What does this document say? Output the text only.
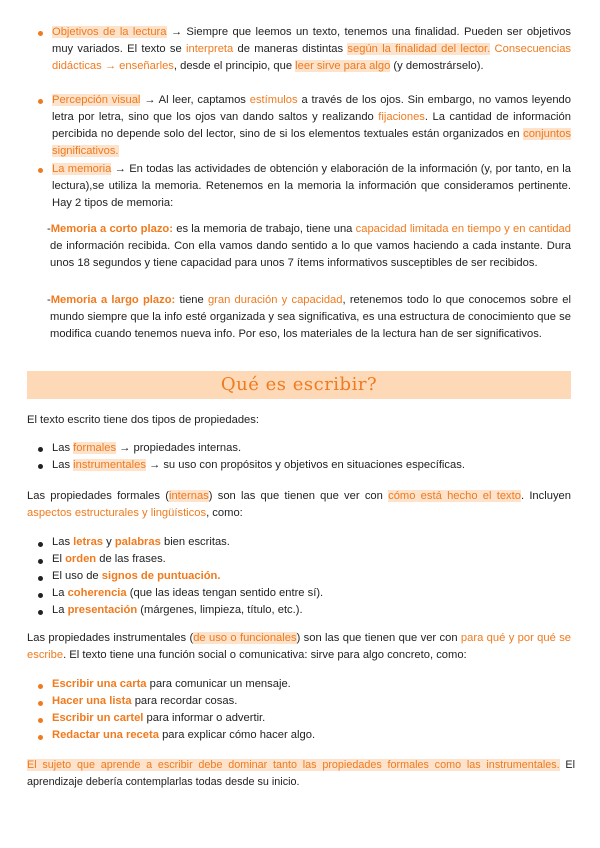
Objetivos de la lectura → Siempre que leemos un texto, tenemos una finalidad. Pueden ser objetivos muy variados. El texto se interpreta de maneras distintas según la finalidad del lector. Consecuencias didácticas → enseñarles, desde el principio, que leer sirve para algo (y demostrárselo).
Percepción visual → Al leer, captamos estímulos a través de los ojos. Sin embargo, no vamos leyendo letra por letra, sino que los ojos van dando saltos y realizando fijaciones. La cantidad de información percibida no depende solo del lector, sino de si los elementos textuales están organizados en conjuntos significativos.
La memoria → En todas las actividades de obtención y elaboración de la información (y, por tanto, en la lectura),se utiliza la memoria. Retenemos en la memoria la información que consideramos pertinente. Hay 2 tipos de memoria:
-Memoria a corto plazo: es la memoria de trabajo, tiene una capacidad limitada en tiempo y en cantidad de información recibida. Con ella vamos dando sentido a lo que vamos haciendo a cada instante. Dura unos 18 segundos y tiene capacidad para unos 7 ítems informativos susceptibles de ser recibidos.
-Memoria a largo plazo: tiene gran duración y capacidad, retenemos todo lo que conocemos sobre el mundo siempre que la info esté organizada y sea significativa, es una estructura de conocimiento que se modifica cuando tenemos nueva info. Por eso, los materiales de la lectura han de ser significativos.
Qué es escribir?
El texto escrito tiene dos tipos de propiedades:
Las formales → propiedades internas.
Las instrumentales → su uso con propósitos y objetivos en situaciones específicas.
Las propiedades formales (internas) son las que tienen que ver con cómo está hecho el texto. Incluyen aspectos estructurales y lingüísticos, como:
Las letras y palabras bien escritas.
El orden de las frases.
El uso de signos de puntuación.
La coherencia (que las ideas tengan sentido entre sí).
La presentación (márgenes, limpieza, título, etc.).
Las propiedades instrumentales (de uso o funcionales) son las que tienen que ver con para qué y por qué se escribe. El texto tiene una función social o comunicativa: sirve para algo concreto, como:
Escribir una carta para comunicar un mensaje.
Hacer una lista para recordar cosas.
Escribir un cartel para informar o advertir.
Redactar una receta para explicar cómo hacer algo.
El sujeto que aprende a escribir debe dominar tanto las propiedades formales como las instrumentales. El aprendizaje debería contemplarlas todas desde su inicio.
